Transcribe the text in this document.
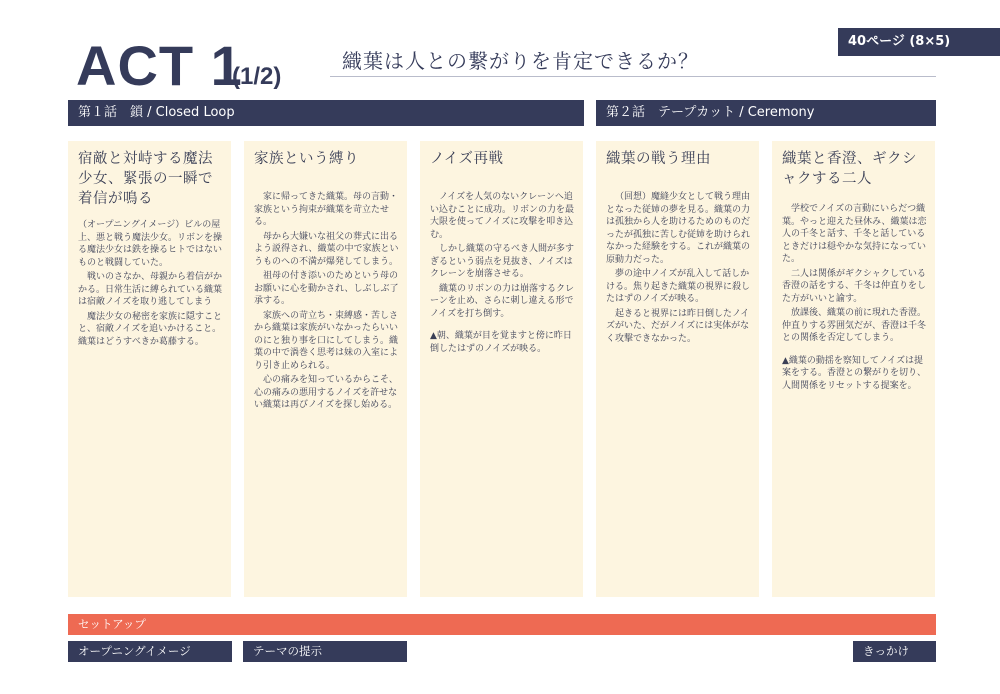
40ページ (8×5)
ACT 1
(1/2)
織葉は人との繋がりを肯定できるか？
第１話　鎖 / Closed Loop	第２話　テープカット / Ceremony
宿敵と対峙する魔法少女、緊張の一瞬で着信が鳴る

（オープニングイメージ）ビルの屋上、悪と戦う魔法少女。リボンを操る魔法少女は鉄を操るヒトではないものと戦闘していた。

戦いのさなか、母親から着信がかかる。日常生活に縛られている織葉は宿敵ノイズを取り逃してしまう

魔法少女の秘密を家族に隠すことと、宿敵ノイズを追いかけること。織葉はどうすべきか葛藤する。

家族という縛り

家に帰ってきた織葉。母の言動・家族という拘束が織葉を苛立たせる。

母から大嫌いな祖父の葬式に出るよう説得され、織葉の中で家族というものへの不満が爆発してしまう。

祖母の付き添いのためという母のお願いに心を動かされ、しぶしぶ了承する。

家族への苛立ち・束縛感・苦しさから織葉は家族がいなかったらいいのにと独り事を口にしてしまう。織葉の中で渦巻く思考は妹の入室により引き止められる。

心の痛みを知っているからこそ、心の痛みの悪用するノイズを許せない織葉は再びノイズを探し始める。

ノイズ再戦

ノイズを人気のないクレーンへ追い込むことに成功。リボンの力を最大限を使ってノイズに攻撃を叩き込む。

しかし織葉の守るべき人間が多すぎるという弱点を見抜き、ノイズはクレーンを崩落させる。

織葉のリボンの力は崩落するクレーンを止め、さらに刺し違える形でノイズを打ち倒す。

▲朝、織葉が目を覚ますと傍に昨日倒したはずのノイズが映る。

織葉の戦う理由

（回想）魔縫少女として戦う理由となった従姉の夢を見る。織葉の力は孤独から人を助けるためのものだったが孤独に苦しむ従姉を助けられなかった経験をする。これが織葉の原動力だった。

夢の途中ノイズが乱入して話しかける。焦り起きた織葉の視界に殺したはずのノイズが映る。

起きると視界には昨日倒したノイズがいた、だがノイズには実体がなく攻撃できなかった。

織葉と香澄、ギクシャクする二人

学校でノイズの言動にいらだつ織葉。やっと迎えた昼休み、織葉は恋人の千冬と話す、千冬と話しているときだけは穏やかな気持になっていた。

二人は関係がギクシャクしている香澄の話をする、千冬は仲直りをした方がいいと諭す。

放課後、織葉の前に現れた香澄。仲直りする雰囲気だが、香澄は千冬との関係を否定してしまう。

▲織葉の動揺を察知してノイズは提案をする。香澄との繋がりを切り、人間関係をリセットする提案を。

セットアップ
オープニングイメージ	テーマの提示	きっかけ
